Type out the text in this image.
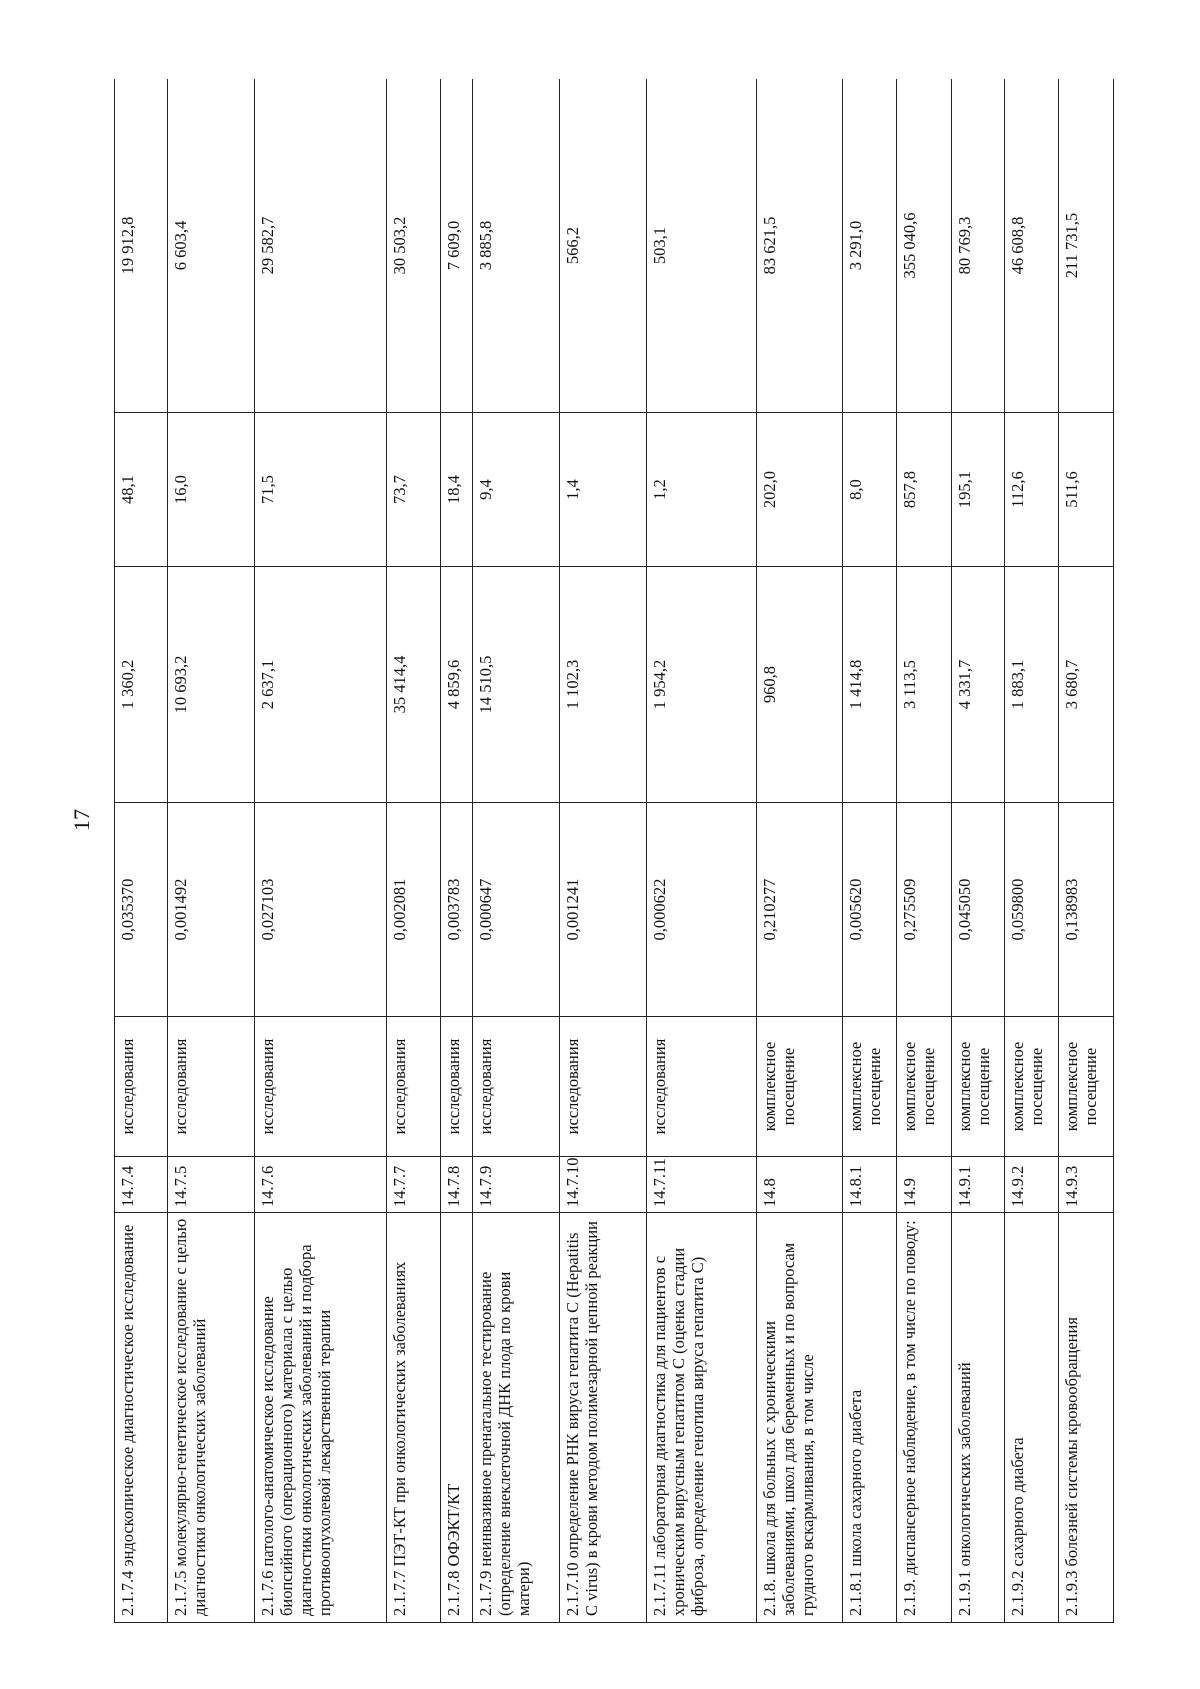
17
2.1.7.4 эндоскопическое диагностическое исследование	14.7.4	исследования	0,035370	1 360,2	48,1	19 912,8
2.1.7.5 молекулярно-генетическое исследование с целью диагностики онкологических заболеваний	14.7.5	исследования	0,001492	10 693,2	16,0	6 603,4
2.1.7.6 патолого-анатомическое исследование биопсийного (операционного) материала с целью диагностики онкологических заболеваний и подбора противоопухолевой лекарственной терапии	14.7.6	исследования	0,027103	2 637,1	71,5	29 582,7
2.1.7.7 ПЭТ-КТ при онкологических заболеваниях	14.7.7	исследования	0,002081	35 414,4	73,7	30 503,2
2.1.7.8 ОФЭКТ/КТ	14.7.8	исследования	0,003783	4 859,6	18,4	7 609,0
2.1.7.9 неинвазивное пренатальное тестирование (определение внеклеточной ДНК плода по крови матери)	14.7.9	исследования	0,000647	14 510,5	9,4	3 885,8
2.1.7.10 определение РНК вируса гепатита С (Hepatitis C virus) в крови методом полимезарной цепной реакции	14.7.10	исследования	0,001241	1 102,3	1,4	566,2
2.1.7.11 лабораторная диагностика для пациентов с хроническим вирусным гепатитом С (оценка стадии фиброза, определение генотипа вируса гепатита С)	14.7.11	исследования	0,000622	1 954,2	1,2	503,1
2.1.8. школа для больных с хроническими заболеваниями, школ для беременных и по вопросам грудного вскармливания, в том числе	14.8	комплексное посещение	0,210277	960,8	202,0	83 621,5
2.1.8.1 школа сахарного диабета	14.8.1	комплексное посещение	0,005620	1 414,8	8,0	3 291,0
2.1.9. диспансерное наблюдение, в том числе по поводу:	14.9	комплексное посещение	0,275509	3 113,5	857,8	355 040,6
2.1.9.1 онкологических заболеваний	14.9.1	комплексное посещение	0,045050	4 331,7	195,1	80 769,3
2.1.9.2 сахарного диабета	14.9.2	комплексное посещение	0,059800	1 883,1	112,6	46 608,8
2.1.9.3 болезней системы кровообращения	14.9.3	комплексное посещение	0,138983	3 680,7	511,6	211 731,5
